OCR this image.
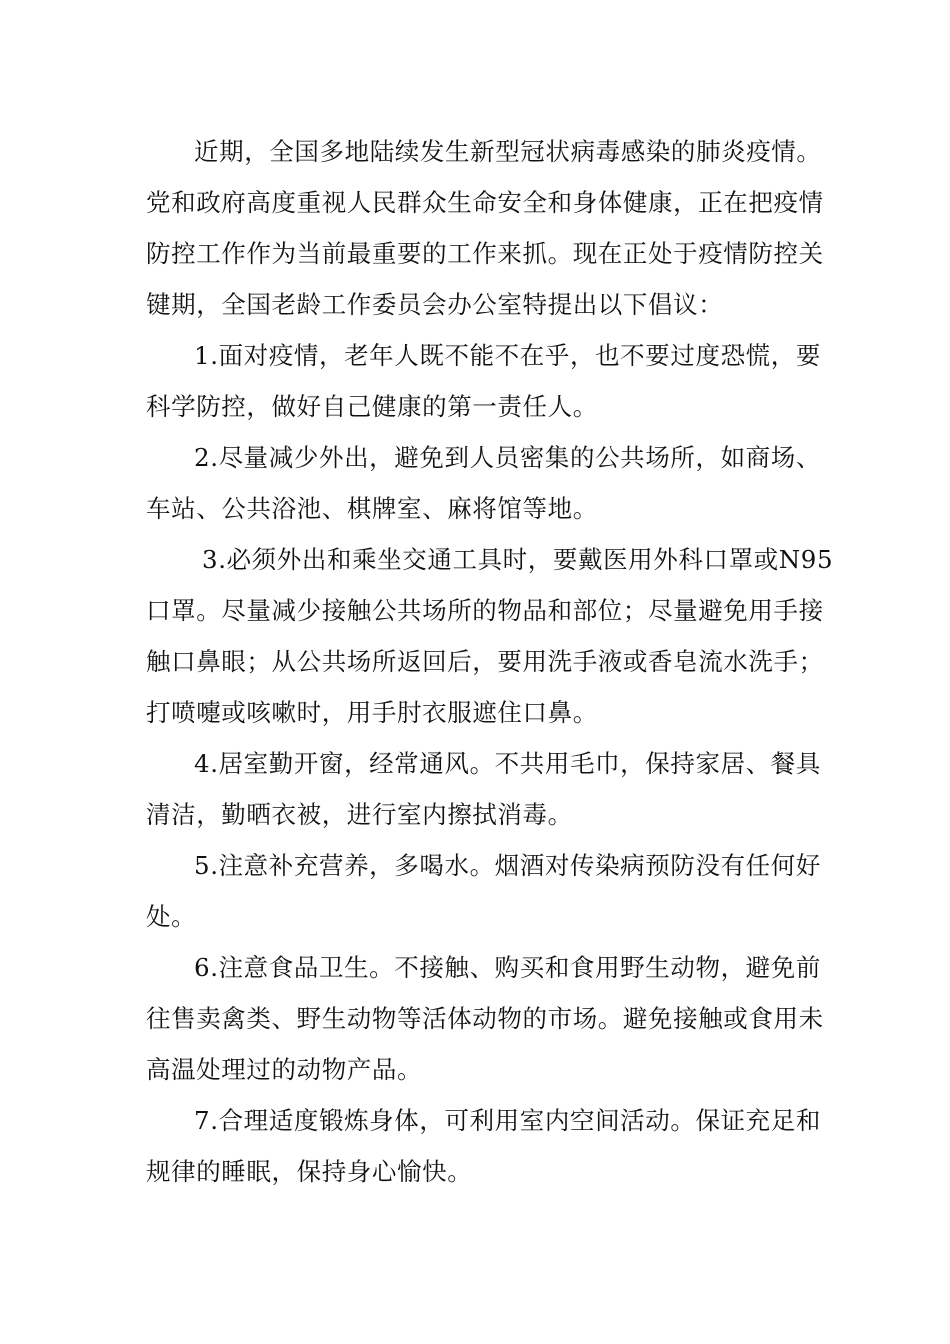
近期，全国多地陆续发生新型冠状病毒感染的肺炎疫情。党和政府高度重视人民群众生命安全和身体健康，正在把疫情防控工作作为当前最重要的工作来抓。现在正处于疫情防控关键期，全国老龄工作委员会办公室特提出以下倡议：

1.面对疫情，老年人既不能不在乎，也不要过度恐慌，要科学防控，做好自己健康的第一责任人。

2.尽量减少外出，避免到人员密集的公共场所，如商场、车站、公共浴池、棋牌室、麻将馆等地。

3.必须外出和乘坐交通工具时，要戴医用外科口罩或N95 口罩。尽量减少接触公共场所的物品和部位；尽量避免用手接触口鼻眼；从公共场所返回后，要用洗手液或香皂流水洗手；打喷嚏或咳嗽时，用手肘衣服遮住口鼻。

4.居室勤开窗，经常通风。不共用毛巾，保持家居、餐具清洁，勤晒衣被，进行室内擦拭消毒。

5.注意补充营养，多喝水。烟酒对传染病预防没有任何好处。

6.注意食品卫生。不接触、购买和食用野生动物，避免前往售卖禽类、野生动物等活体动物的市场。避免接触或食用未高温处理过的动物产品。

7.合理适度锻炼身体，可利用室内空间活动。保证充足和规律的睡眠，保持身心愉快。
